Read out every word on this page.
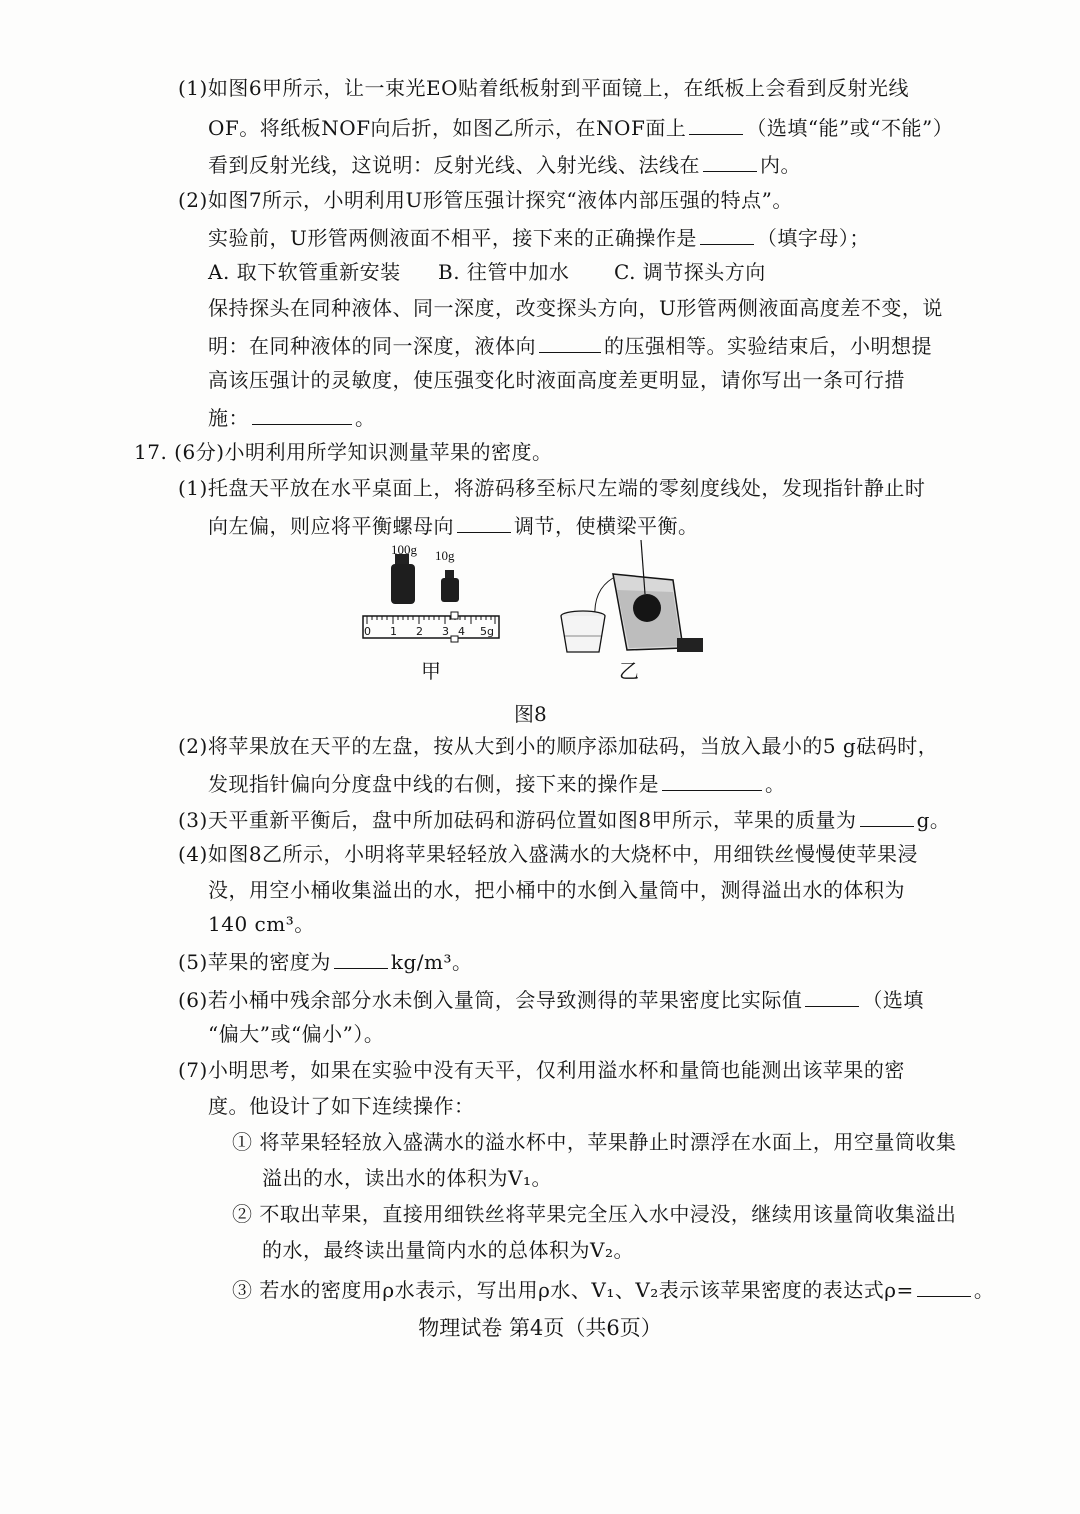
(1)如图6甲所示，让一束光EO贴着纸板射到平面镜上，在纸板上会看到反射光线
OF。将纸板NOF向后折，如图乙所示，在NOF面上	（选填“能”或“不能”）
看到反射光线，这说明：反射光线、入射光线、法线在	内。
(2)如图7所示，小明利用U形管压强计探究“液体内部压强的特点”。
实验前，U形管两侧液面不相平，接下来的正确操作是	（填字母）；
A. 取下软管重新安装 B. 往管中加水 C. 调节探头方向
保持探头在同种液体、同一深度，改变探头方向，U形管两侧液面高度差不变，说
明：在同种液体的同一深度，液体向	的压强相等。实验结束后，小明想提
高该压强计的灵敏度，使压强变化时液面高度差更明显，请你写出一条可行措
施：	。
17. (6分)小明利用所学知识测量苹果的密度。
(1)托盘天平放在水平桌面上，将游码移至标尺左端的零刻度线处，发现指针静止时
向左偏，则应将平衡螺母向	调节，使横梁平衡。
100g 10g
0 1 2 3 4 5g
甲	乙
图8
(2)将苹果放在天平的左盘，按从大到小的顺序添加砝码，当放入最小的5 g砝码时，
发现指针偏向分度盘中线的右侧，接下来的操作是	。
(3)天平重新平衡后，盘中所加砝码和游码位置如图8甲所示，苹果的质量为	g。
(4)如图8乙所示，小明将苹果轻轻放入盛满水的大烧杯中，用细铁丝慢慢使苹果浸
没，用空小桶收集溢出的水，把小桶中的水倒入量筒中，测得溢出水的体积为
140 cm³。
(5)苹果的密度为	kg/m³。
(6)若小桶中残余部分水未倒入量筒，会导致测得的苹果密度比实际值	（选填
“偏大”或“偏小”）。
(7)小明思考，如果在实验中没有天平，仅利用溢水杯和量筒也能测出该苹果的密
度。他设计了如下连续操作：
① 将苹果轻轻放入盛满水的溢水杯中，苹果静止时漂浮在水面上，用空量筒收集
溢出的水，读出水的体积为V₁。
② 不取出苹果，直接用细铁丝将苹果完全压入水中浸没，继续用该量筒收集溢出
的水，最终读出量筒内水的总体积为V₂。
③ 若水的密度用ρ水表示，写出用ρ水、V₁、V₂表示该苹果密度的表达式ρ=	。
物理试卷 第4页（共6页）
